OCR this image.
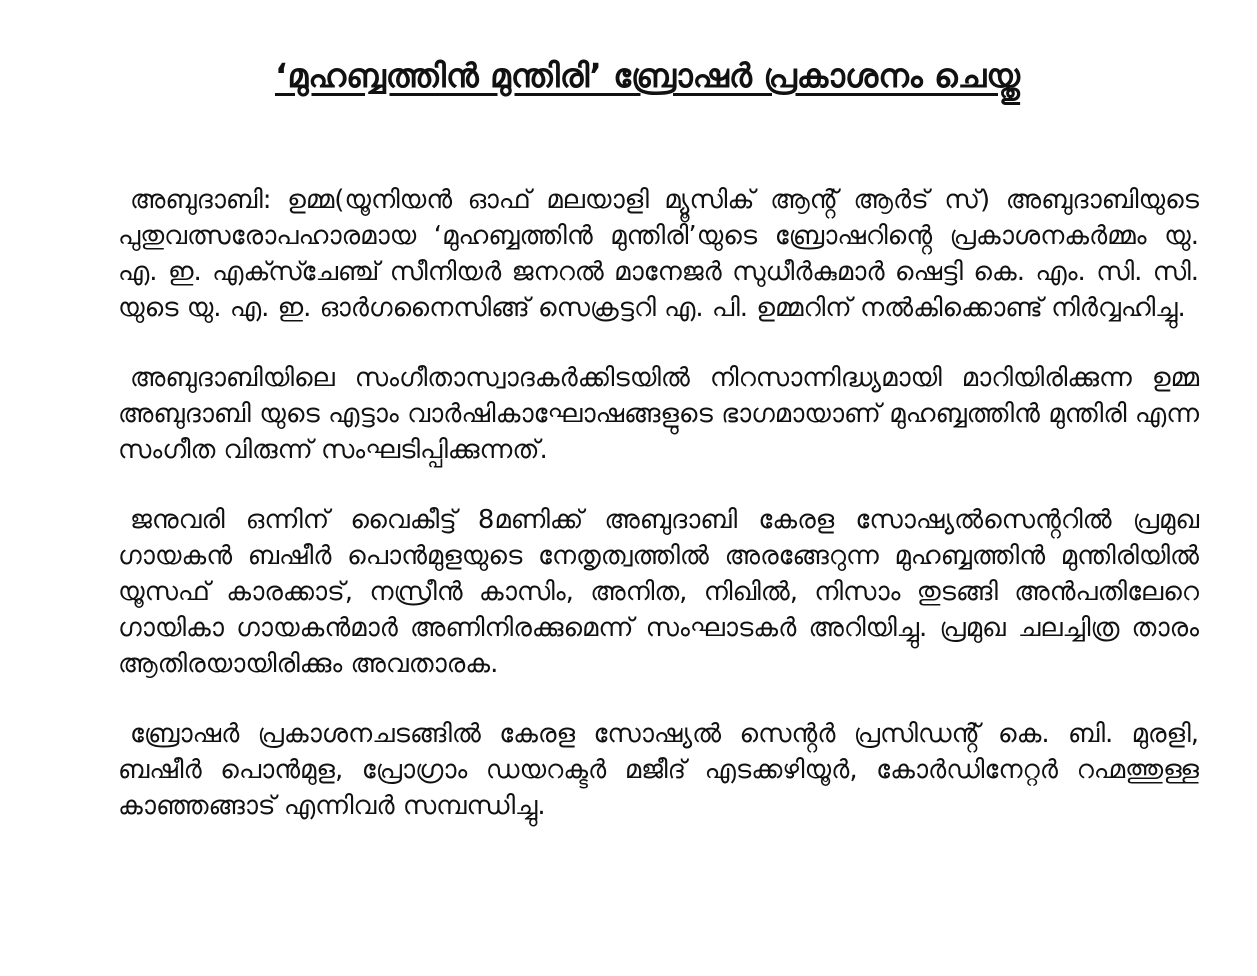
‘മുഹബ്ബത്തിൻ മുന്തിരി’ ബ്രോഷർ പ്രകാശനം ചെയ്തു

അബുദാബി: ഉമ്മ(യൂനിയൻ ഓഫ് മലയാളി മ്യൂസിക് ആൻ്റ് ആർട് സ്) അബുദാബിയുടെ പുതുവത്സരോപഹാരമായ ‘മുഹബ്ബത്തിൻ മുന്തിരി’യുടെ ബ്രോഷറിൻ്റെ പ്രകാശനകർമ്മം യു. എ. ഇ. എക്സ്ചേഞ്ച് സീനിയർ ജനറൽ മാനേജർ സുധീർകുമാർ ഷെട്ടി കെ. എം. സി. സി. യുടെ യു. എ. ഇ. ഓർഗനൈസിങ്ങ് സെക്രട്ടറി എ. പി. ഉമ്മറിന് നൽകിക്കൊണ്ട് നിർവ്വഹിച്ചു.

അബുദാബിയിലെ സംഗീതാസ്വാദകർക്കിടയിൽ നിറസാന്നിദ്ധ്യമായി മാറിയിരിക്കുന്ന ഉമ്മ അബുദാബി യുടെ എട്ടാം വാർഷികാഘോഷങ്ങളുടെ ഭാഗമായാണ് മുഹബ്ബത്തിൻ മുന്തിരി എന്ന സംഗീത വിരുന്ന് സംഘടിപ്പിക്കുന്നത്.

ജനുവരി ഒന്നിന് വൈകീട്ട് 8മണിക്ക് അബുദാബി കേരള സോഷ്യൽസെൻ്ററിൽ പ്രമുഖ ഗായകൻ ബഷീർ പൊൻമുളയുടെ നേതൃത്വത്തിൽ അരങ്ങേറുന്ന മുഹബ്ബത്തിൻ മുന്തിരിയിൽ യൂസഫ് കാരക്കാട്, നസ്രീൻ കാസിം, അനിത, നിഖിൽ, നിസാം തുടങ്ങി അൻപതിലേറെ ഗായികാ ഗായകൻമാർ അണിനിരക്കുമെന്ന് സംഘാടകർ അറിയിച്ചു. പ്രമുഖ ചലച്ചിത്ര താരം ആതിരയായിരിക്കും അവതാരക.

ബ്രോഷർ പ്രകാശനചടങ്ങിൽ കേരള സോഷ്യൽ സെൻ്റർ പ്രസിഡൻ്റ് കെ. ബി. മുരളി, ബഷീർ പൊൻമുള, പ്രോഗ്രാം ഡയറക്ടർ മജീദ് എടക്കഴിയൂർ, കോർഡിനേറ്റർ റഹ്മത്തുള്ള കാഞ്ഞങ്ങാട് എന്നിവർ സമ്പന്ധിച്ചു.
